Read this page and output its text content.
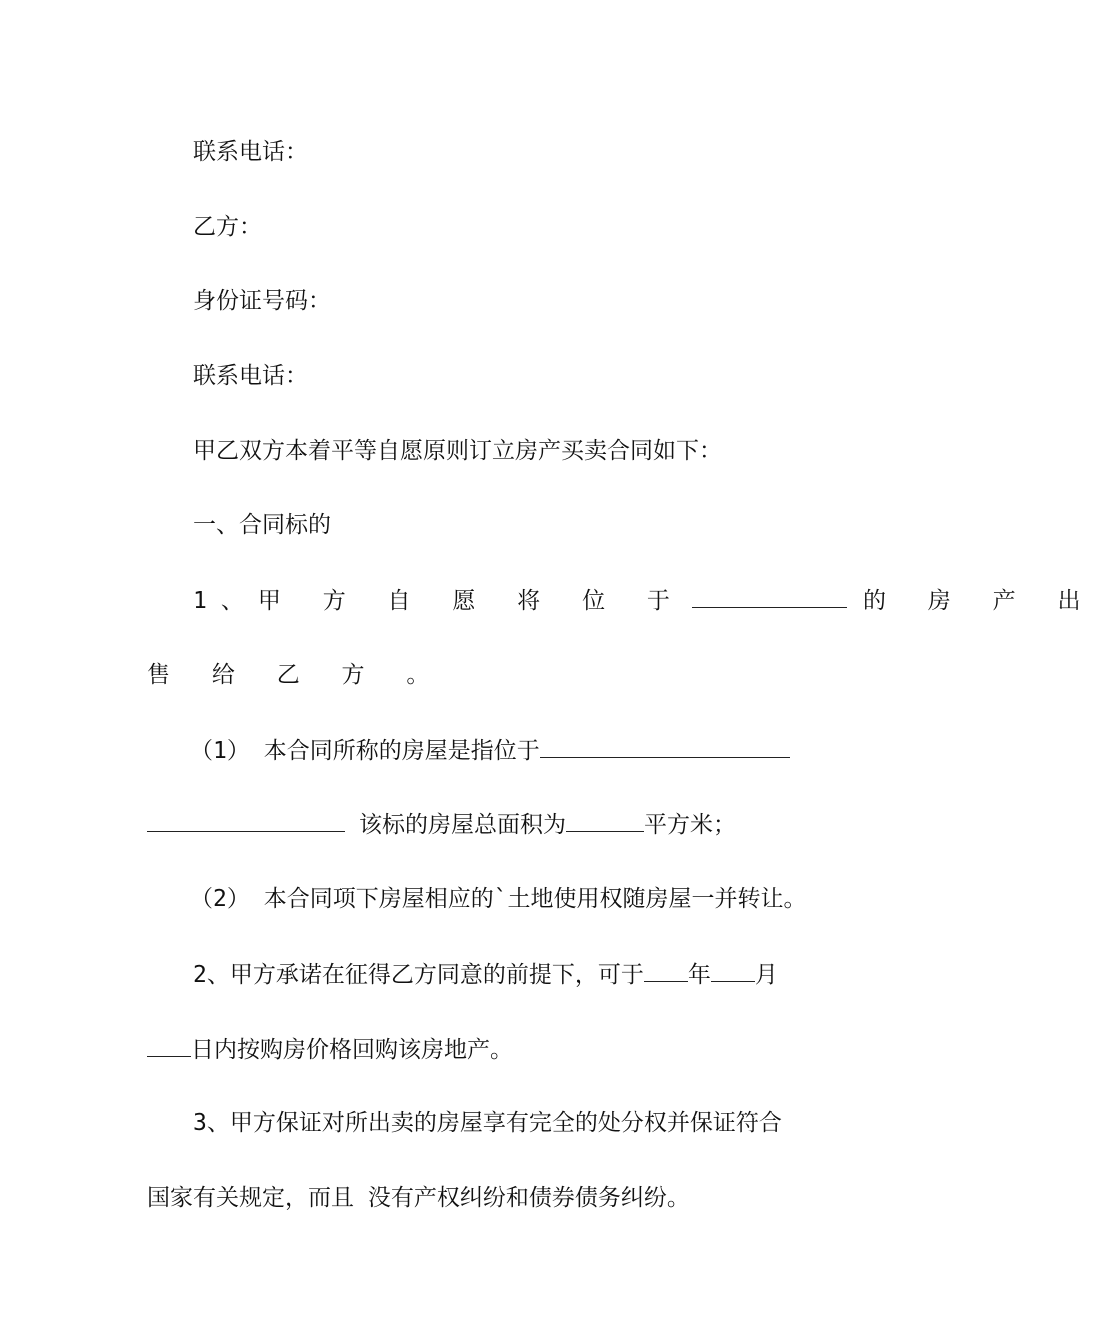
联系电话：
乙方：
身份证号码：
联系电话：
甲乙双方本着平等自愿原则订立房产买卖合同如下：
一、合同标的
1、甲 方 自 愿 将 位 于	的 房 产 出
售 给 乙 方 。
（1） 本合同所称的房屋是指位于
该标的房屋总面积为	平方米；
（2） 本合同项下房屋相应的`土地使用权随房屋一并转让。
2、甲方承诺在征得乙方同意的前提下，可于 年 月
日内按购房价格回购该房地产。
3、甲方保证对所出卖的房屋享有完全的处分权并保证符合
国家有关规定，而且 没有产权纠纷和债券债务纠纷。
